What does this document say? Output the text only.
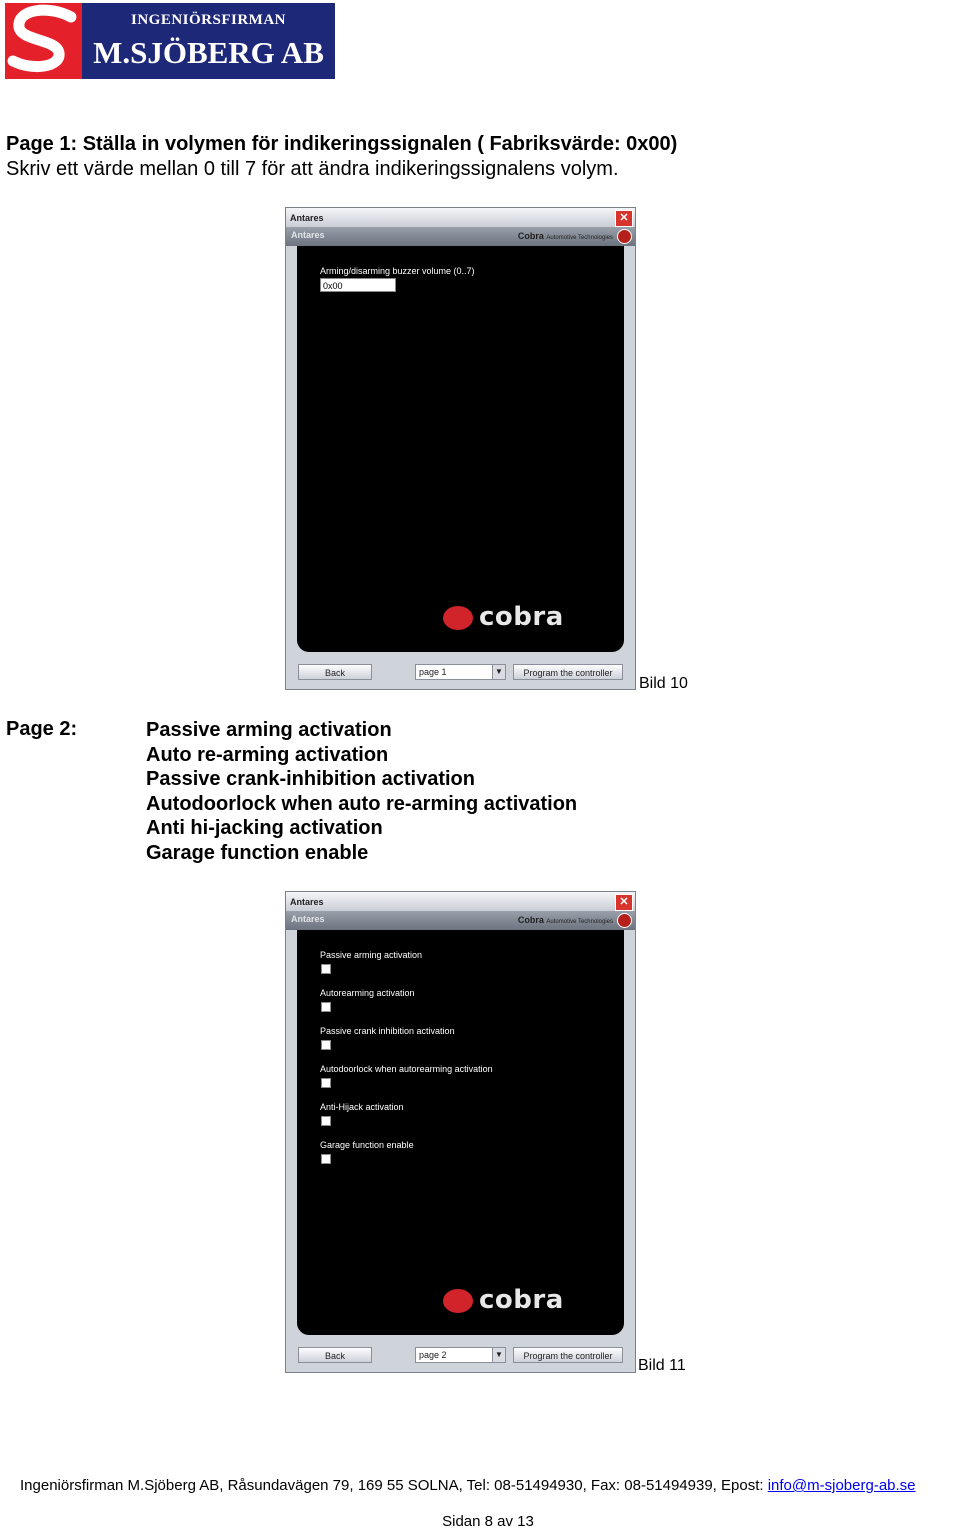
INGENIÖRSFIRMAN
M.SJÖBERG AB
Page 1: Ställa in volymen för indikeringssignalen ( Fabriksvärde: 0x00)
Skriv ett värde mellan 0 till 7 för att ändra indikeringssignalens volym.
Antares	✕
Antares	Cobra Automotive Technologies
Arming/disarming buzzer volume (0..7)
0x00
cobra
Back	page 1	▼	Program the controller
Bild 10
Page 2:	Passive arming activation
Auto re-arming activation
Passive crank-inhibition activation
Autodoorlock when auto re-arming activation
Anti hi-jacking activation
Garage function enable
Antares	✕
Antares	Cobra Automotive Technologies
Passive arming activation
Autorearming activation
Passive crank inhibition activation
Autodoorlock when autorearming activation
Anti-Hijack activation
Garage function enable
cobra
Back	page 2	▼	Program the controller
Bild 11
Ingeniörsfirman M.Sjöberg AB, Råsundavägen 79, 169 55 SOLNA, Tel: 08-51494930, Fax: 08-51494939, Epost: info@m-sjoberg-ab.se
Sidan 8 av 13
